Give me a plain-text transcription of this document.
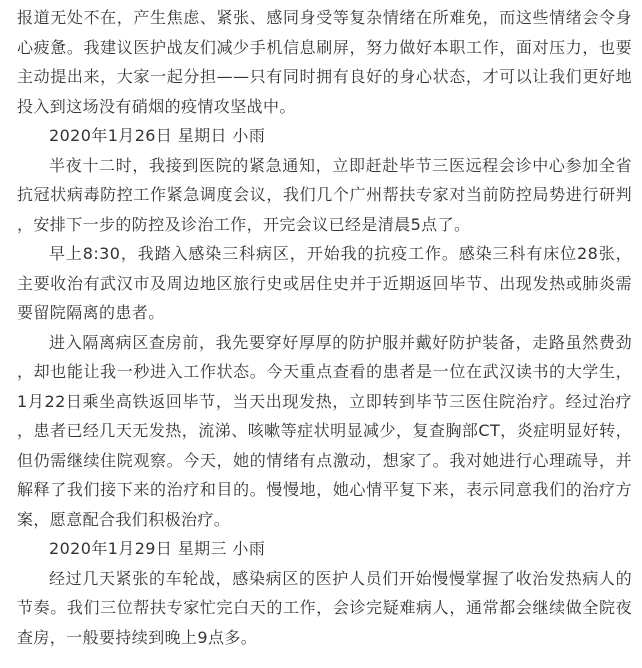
报道无处不在，产生焦虑、紧张、感同身受等复杂情绪在所难免，而这些情绪会令身心疲惫。我建议医护战友们减少手机信息刷屏，努力做好本职工作，面对压力，也要主动提出来，大家一起分担——只有同时拥有良好的身心状态，才可以让我们更好地投入到这场没有硝烟的疫情攻坚战中。

2020年1月26日 星期日 小雨

半夜十二时，我接到医院的紧急通知，立即赶赴毕节三医远程会诊中心参加全省抗冠状病毒防控工作紧急调度会议，我们几个广州帮扶专家对当前防控局势进行研判，安排下一步的防控及诊治工作，开完会议已经是清晨5点了。

早上8:30，我踏入感染三科病区，开始我的抗疫工作。感染三科有床位28张，主要收治有武汉市及周边地区旅行史或居住史并于近期返回毕节、出现发热或肺炎需要留院隔离的患者。

进入隔离病区查房前，我先要穿好厚厚的防护服并戴好防护装备，走路虽然费劲，却也能让我一秒进入工作状态。今天重点查看的患者是一位在武汉读书的大学生，1月22日乘坐高铁返回毕节，当天出现发热，立即转到毕节三医住院治疗。经过治疗，患者已经几天无发热，流涕、咳嗽等症状明显减少，复查胸部CT，炎症明显好转，但仍需继续住院观察。今天，她的情绪有点激动，想家了。我对她进行心理疏导，并解释了我们接下来的治疗和目的。慢慢地，她心情平复下来，表示同意我们的治疗方案，愿意配合我们积极治疗。

2020年1月29日 星期三 小雨

经过几天紧张的车轮战，感染病区的医护人员们开始慢慢掌握了收治发热病人的节奏。我们三位帮扶专家忙完白天的工作，会诊完疑难病人，通常都会继续做全院夜查房，一般要持续到晚上9点多。
